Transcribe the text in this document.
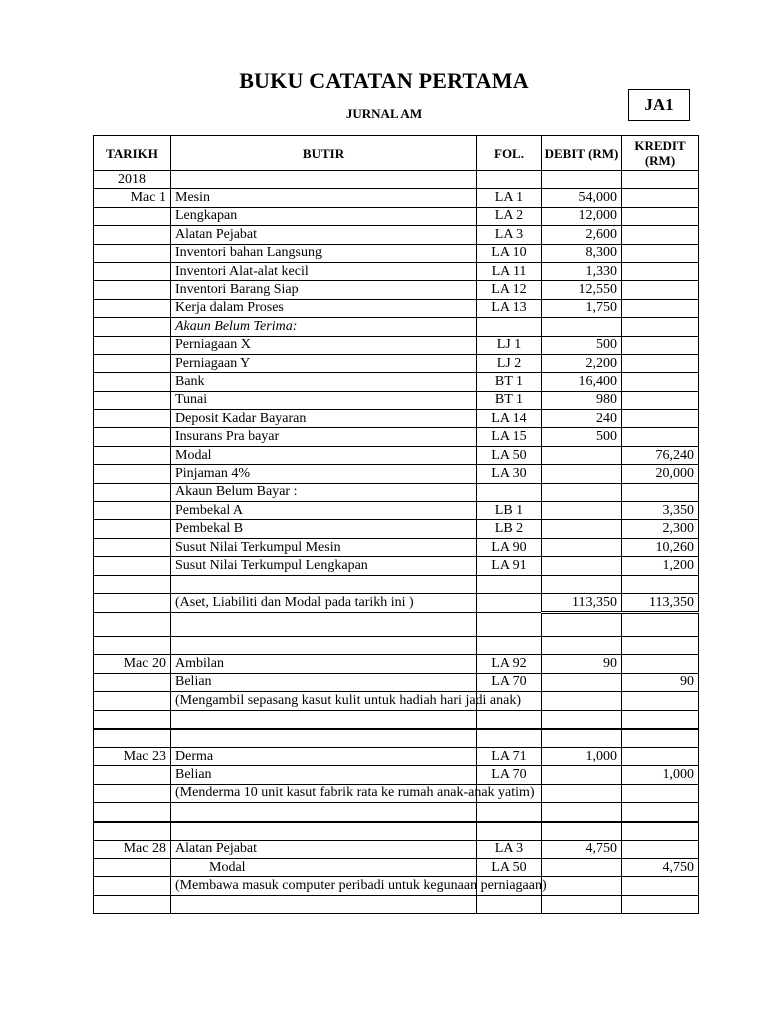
BUKU CATATAN PERTAMA
JURNAL AM	JA1
TARIKH	BUTIR	FOL.	DEBIT (RM)	KREDIT (RM)
2018				
Mac 1	Mesin	LA 1	54,000	
	Lengkapan	LA 2	12,000	
	Alatan Pejabat	LA 3	2,600	
	Inventori bahan Langsung	LA 10	8,300	
	Inventori Alat-alat kecil	LA 11	1,330	
	Inventori Barang Siap	LA 12	12,550	
	Kerja dalam Proses	LA 13	1,750	
	Akaun Belum Terima:			
	Perniagaan X	LJ 1	500	
	Perniagaan Y	LJ 2	2,200	
	Bank	BT 1	16,400	
	Tunai	BT 1	980	
	Deposit Kadar Bayaran	LA 14	240	
	Insurans Pra bayar	LA 15	500	
	Modal	LA 50		76,240
	Pinjaman 4%	LA 30		20,000
	Akaun Belum Bayar :			
	Pembekal A	LB 1		3,350
	Pembekal B	LB 2		2,300
	Susut Nilai Terkumpul Mesin	LA 90		10,260
	Susut Nilai Terkumpul Lengkapan	LA 91		1,200

	(Aset, Liabiliti dan Modal pada tarikh ini )		113,350	113,350

Mac 20	Ambilan	LA 92	90	
	Belian	LA 70		90
	(Mengambil sepasang kasut kulit untuk hadiah hari jadi anak)			

Mac 23	Derma	LA 71	1,000	
	Belian	LA 70		1,000
	(Menderma 10 unit kasut fabrik rata ke rumah anak-anak yatim)			

Mac 28	Alatan Pejabat	LA 3	4,750	
	Modal	LA 50		4,750
	(Membawa masuk computer peribadi untuk kegunaan perniagaan)			
